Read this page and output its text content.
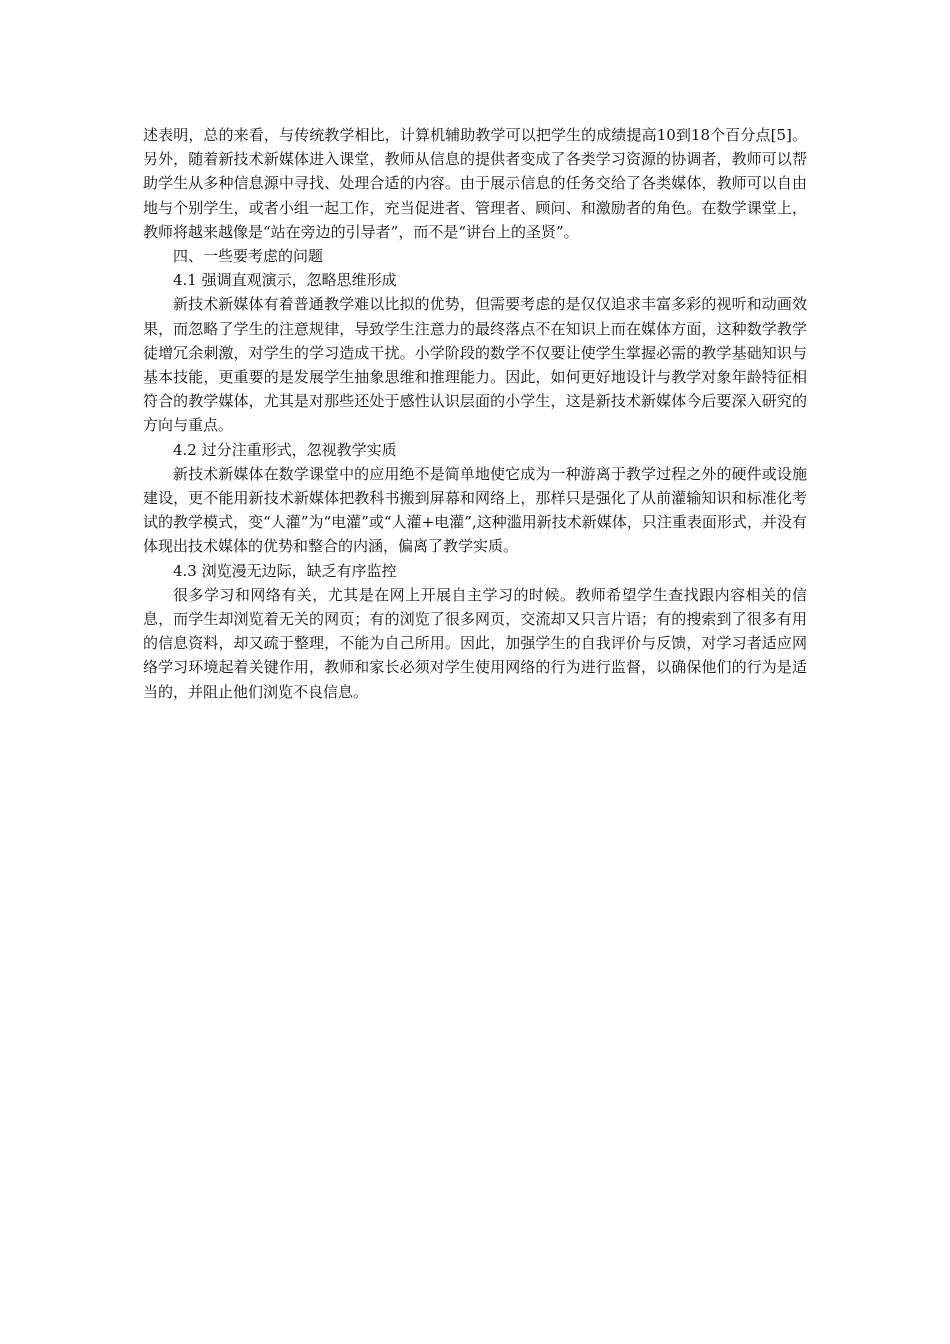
述表明，总的来看，与传统教学相比，计算机辅助教学可以把学生的成绩提高10到18个百分点[5]。另外，随着新技术新媒体进入课堂，教师从信息的提供者变成了各类学习资源的协调者，教师可以帮助学生从多种信息源中寻找、处理合适的内容。由于展示信息的任务交给了各类媒体，教师可以自由地与个别学生，或者小组一起工作，充当促进者、管理者、顾问、和激励者的角色。在数学课堂上，教师将越来越像是“站在旁边的引导者”，而不是“讲台上的圣贤”。

四、一些要考虑的问题

4.1 强调直观演示，忽略思维形成

新技术新媒体有着普通教学难以比拟的优势，但需要考虑的是仅仅追求丰富多彩的视听和动画效果，而忽略了学生的注意规律，导致学生注意力的最终落点不在知识上而在媒体方面，这种数学教学徒增冗余刺激，对学生的学习造成干扰。小学阶段的数学不仅要让使学生掌握必需的教学基础知识与基本技能，更重要的是发展学生抽象思维和推理能力。因此，如何更好地设计与教学对象年龄特征相符合的教学媒体，尤其是对那些还处于感性认识层面的小学生，这是新技术新媒体今后要深入研究的方向与重点。

4.2 过分注重形式，忽视教学实质

新技术新媒体在数学课堂中的应用绝不是简单地使它成为一种游离于教学过程之外的硬件或设施建设，更不能用新技术新媒体把教科书搬到屏幕和网络上，那样只是强化了从前灌输知识和标准化考试的教学模式，变“人灌”为“电灌”或“人灌+电灌”,这种滥用新技术新媒体，只注重表面形式，并没有体现出技术媒体的优势和整合的内涵，偏离了教学实质。

4.3 浏览漫无边际，缺乏有序监控

很多学习和网络有关，尤其是在网上开展自主学习的时候。教师希望学生查找跟内容相关的信息，而学生却浏览着无关的网页；有的浏览了很多网页，交流却又只言片语；有的搜索到了很多有用的信息资料，却又疏于整理，不能为自己所用。因此，加强学生的自我评价与反馈，对学习者适应网络学习环境起着关键作用，教师和家长必须对学生使用网络的行为进行监督，以确保他们的行为是适当的，并阻止他们浏览不良信息。
